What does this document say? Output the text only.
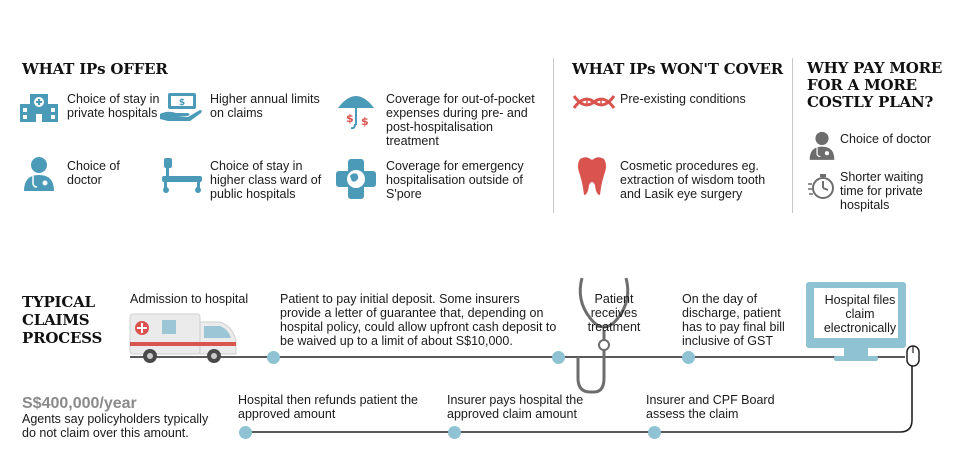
WHAT IPs OFFER
Choice of stay in private hospitals
$ Higher annual limits on claims	$ $
Coverage for out-of-pocket expenses during pre- and post-hospitalisation treatment
Choice of doctor
Choice of stay in higher class ward of public hospitals
Coverage for emergency hospitalisation outside of S'pore
WHAT IPs WON'T COVER
Pre-existing conditions
Cosmetic procedures eg. extraction of wisdom tooth and Lasik eye surgery
WHY PAY MORE FOR A MORE COSTLY PLAN?
Choice of doctor
Shorter waiting time for private hospitals
TYPICAL CLAIMS PROCESS
Admission to hospital	Patient to pay initial deposit. Some insurers provide a letter of guarantee that, depending on hospital policy, could allow upfront cash deposit to be waived up to a limit of about S$10,000.
Patient receives treatment
On the day of discharge, patient has to pay final bill inclusive of GST
Hospital files claim electronically
S$400,000/year
Agents say policyholders typically do not claim over this amount.
Hospital then refunds patient the approved amount
Insurer pays hospital the approved claim amount
Insurer and CPF Board assess the claim
